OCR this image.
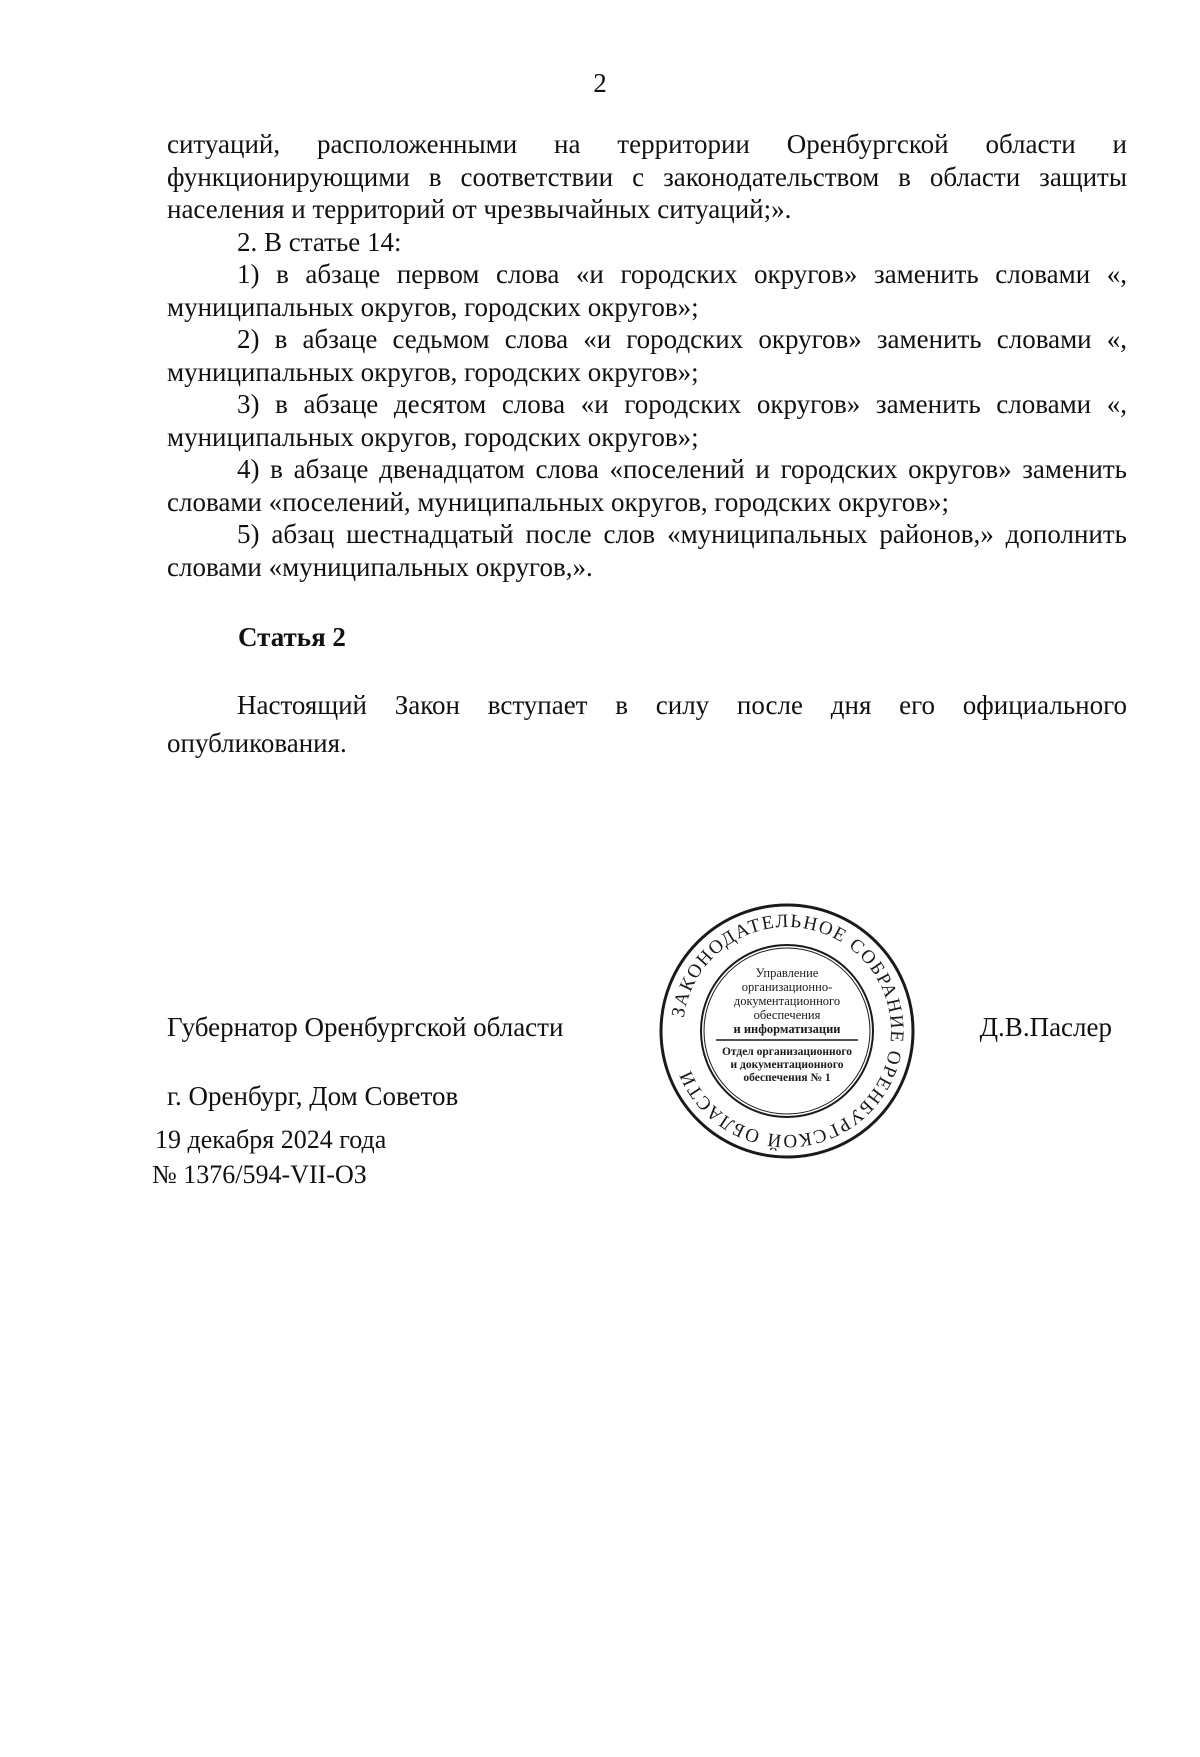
2

ситуаций, расположенными на территории Оренбургской области и функционирующими в соответствии с законодательством в области защиты населения и территорий от чрезвычайных ситуаций;».

2. В статье 14:

1) в абзаце первом слова «и городских округов» заменить словами «, муниципальных округов, городских округов»;

2) в абзаце седьмом слова «и городских округов» заменить словами «, муниципальных округов, городских округов»;

3) в абзаце десятом слова «и городских округов» заменить словами «, муниципальных округов, городских округов»;

4) в абзаце двенадцатом слова «поселений и городских округов» заменить словами «поселений, муниципальных округов, городских округов»;

5) абзац шестнадцатый после слов «муниципальных районов,» дополнить словами «муниципальных округов,».

Статья 2

Настоящий Закон вступает в силу после дня его официального опубликования.

Губернатор Оренбургской области	Д.В.Паслер
ЗАКОНОДАТЕЛЬНОЕ СОБРАНИЕ ОРЕНБУРГСКОЙ ОБЛАСТИ
Управление
организационно-
документационного
обеспечения
и информатизации
Отдел организационного
и документационного
обеспечения № 1
г. Оренбург, Дом Советов
19 декабря 2024 года
№ 1376/594-VII-ОЗ
